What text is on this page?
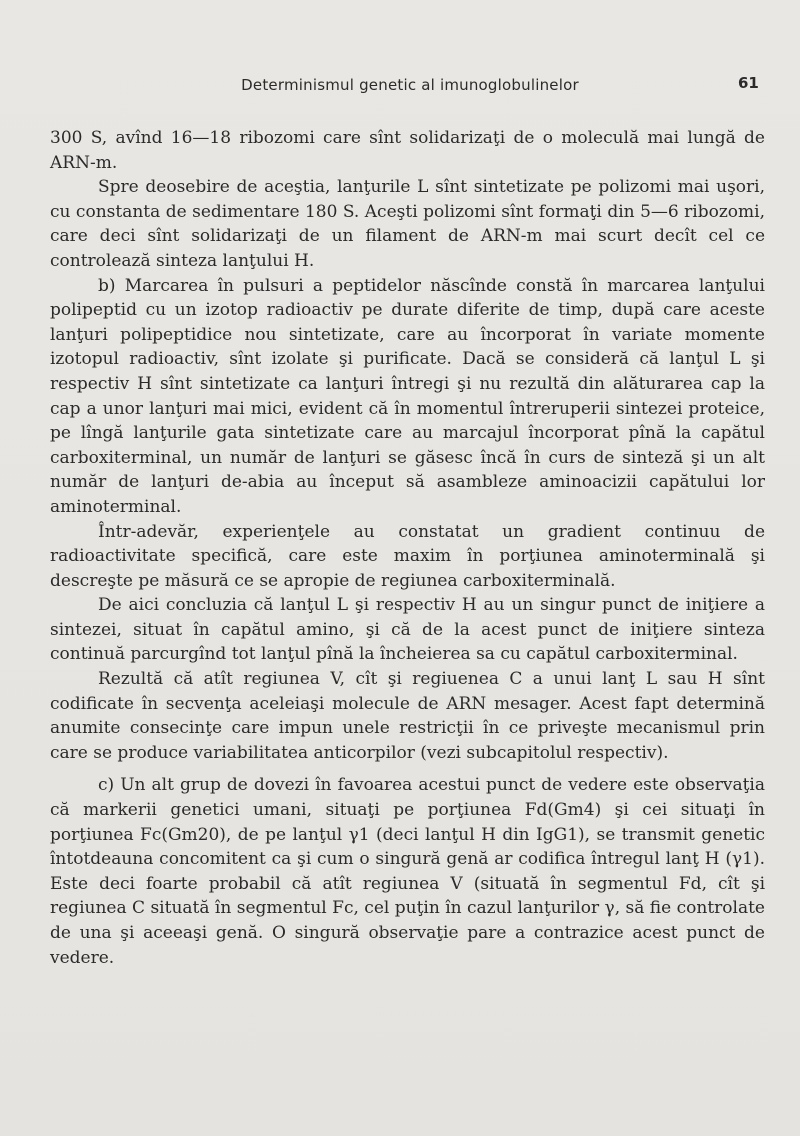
Determinismul genetic al imunoglobulinelor	61

300 S, avînd 16—18 ribozomi care sînt solidarizaţi de o moleculă mai lungă de ARN-m.

Spre deosebire de aceştia, lanţurile L sînt sintetizate pe polizomi mai uşori, cu constanta de sedimentare 180 S. Aceşti polizomi sînt formaţi din 5—6 ribozomi, care deci sînt solidarizaţi de un filament de ARN-m mai scurt decît cel ce controlează sinteza lanţului H.

b) Marcarea în pulsuri a peptidelor născînde constă în marcarea lanţului polipeptid cu un izotop radioactiv pe durate diferite de timp, după care aceste lanţuri polipeptidice nou sintetizate, care au încorporat în variate momente izotopul radioactiv, sînt izolate şi purificate. Dacă se consideră că lanţul L şi respectiv H sînt sintetizate ca lanţuri întregi şi nu rezultă din alăturarea cap la cap a unor lanţuri mai mici, evident că în momentul întreruperii sintezei proteice, pe lîngă lanţurile gata sintetizate care au marcajul încorporat pînă la capătul carboxiterminal, un număr de lanţuri se găsesc încă în curs de sinteză şi un alt număr de lanţuri de-abia au început să asambleze aminoacizii capătului lor aminoterminal.

Într-adevăr, experienţele au constatat un gradient continuu de radioactivitate specifică, care este maxim în porţiunea aminoterminală şi descreşte pe măsură ce se apropie de regiunea carboxiterminală.

De aici concluzia că lanţul L şi respectiv H au un singur punct de iniţiere a sintezei, situat în capătul amino, şi că de la acest punct de iniţiere sinteza continuă parcurgînd tot lanţul pînă la încheierea sa cu capătul carboxiterminal.

Rezultă că atît regiunea V, cît şi regiuenea C a unui lanţ L sau H sînt codificate în secvenţa aceleiaşi molecule de ARN mesager. Acest fapt determină anumite consecinţe care impun unele restricţii în ce priveşte mecanismul prin care se produce variabilitatea anticorpilor (vezi subcapitolul respectiv).

c) Un alt grup de dovezi în favoarea acestui punct de vedere este observaţia că markerii genetici umani, situaţi pe porţiunea Fd(Gm4) şi cei situaţi în porţiunea Fc(Gm20), de pe lanţul γ1 (deci lanţul H din IgG1), se transmit genetic întotdeauna concomitent ca şi cum o singură genă ar codifica întregul lanţ H (γ1). Este deci foarte probabil că atît regiunea V (situată în segmentul Fd, cît şi regiunea C situată în segmentul Fc, cel puţin în cazul lanţurilor γ, să fie controlate de una şi aceeaşi genă. O singură observaţie pare a contrazice acest punct de vedere.
